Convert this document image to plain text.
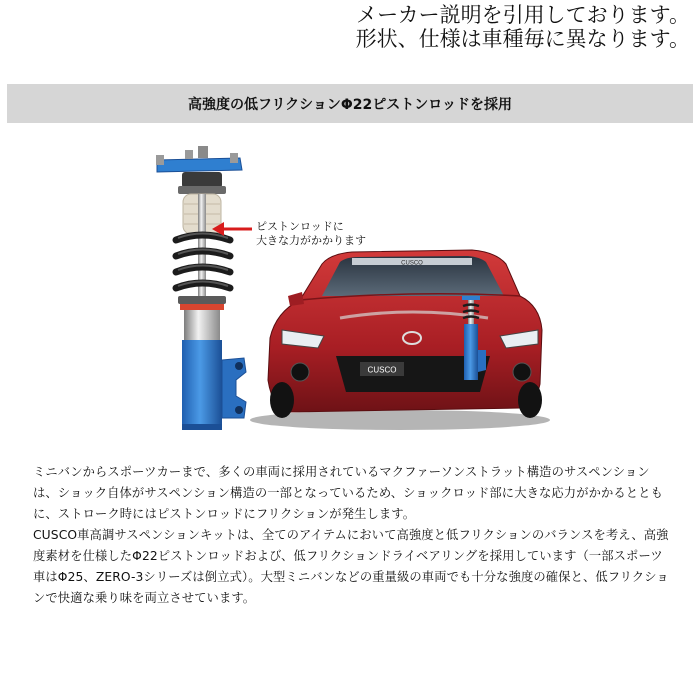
メーカー説明を引用しております。
形状、仕様は車種毎に異なります。
高強度の低フリクションΦ22ピストンロッドを採用
CUSCO
CUSCO
ピストンロッドに
大きな力がかかります

ミニバンからスポーツカーまで、多くの車両に採用されているマクファーソンストラット構造のサスペンションは、ショック自体がサスペンション構造の一部となっているため、ショックロッド部に大きな応力がかかるとともに、ストローク時にはピストンロッドにフリクションが発生します。

CUSCO車高調サスペンションキットは、全てのアイテムにおいて高強度と低フリクションのバランスを考え、高強度素材を仕様したΦ22ピストンロッドおよび、低フリクションドライベアリングを採用しています（一部スポーツ車はΦ25、ZERO-3シリーズは倒立式）。大型ミニバンなどの重量級の車両でも十分な強度の確保と、低フリクションで快適な乗り味を両立させています。
